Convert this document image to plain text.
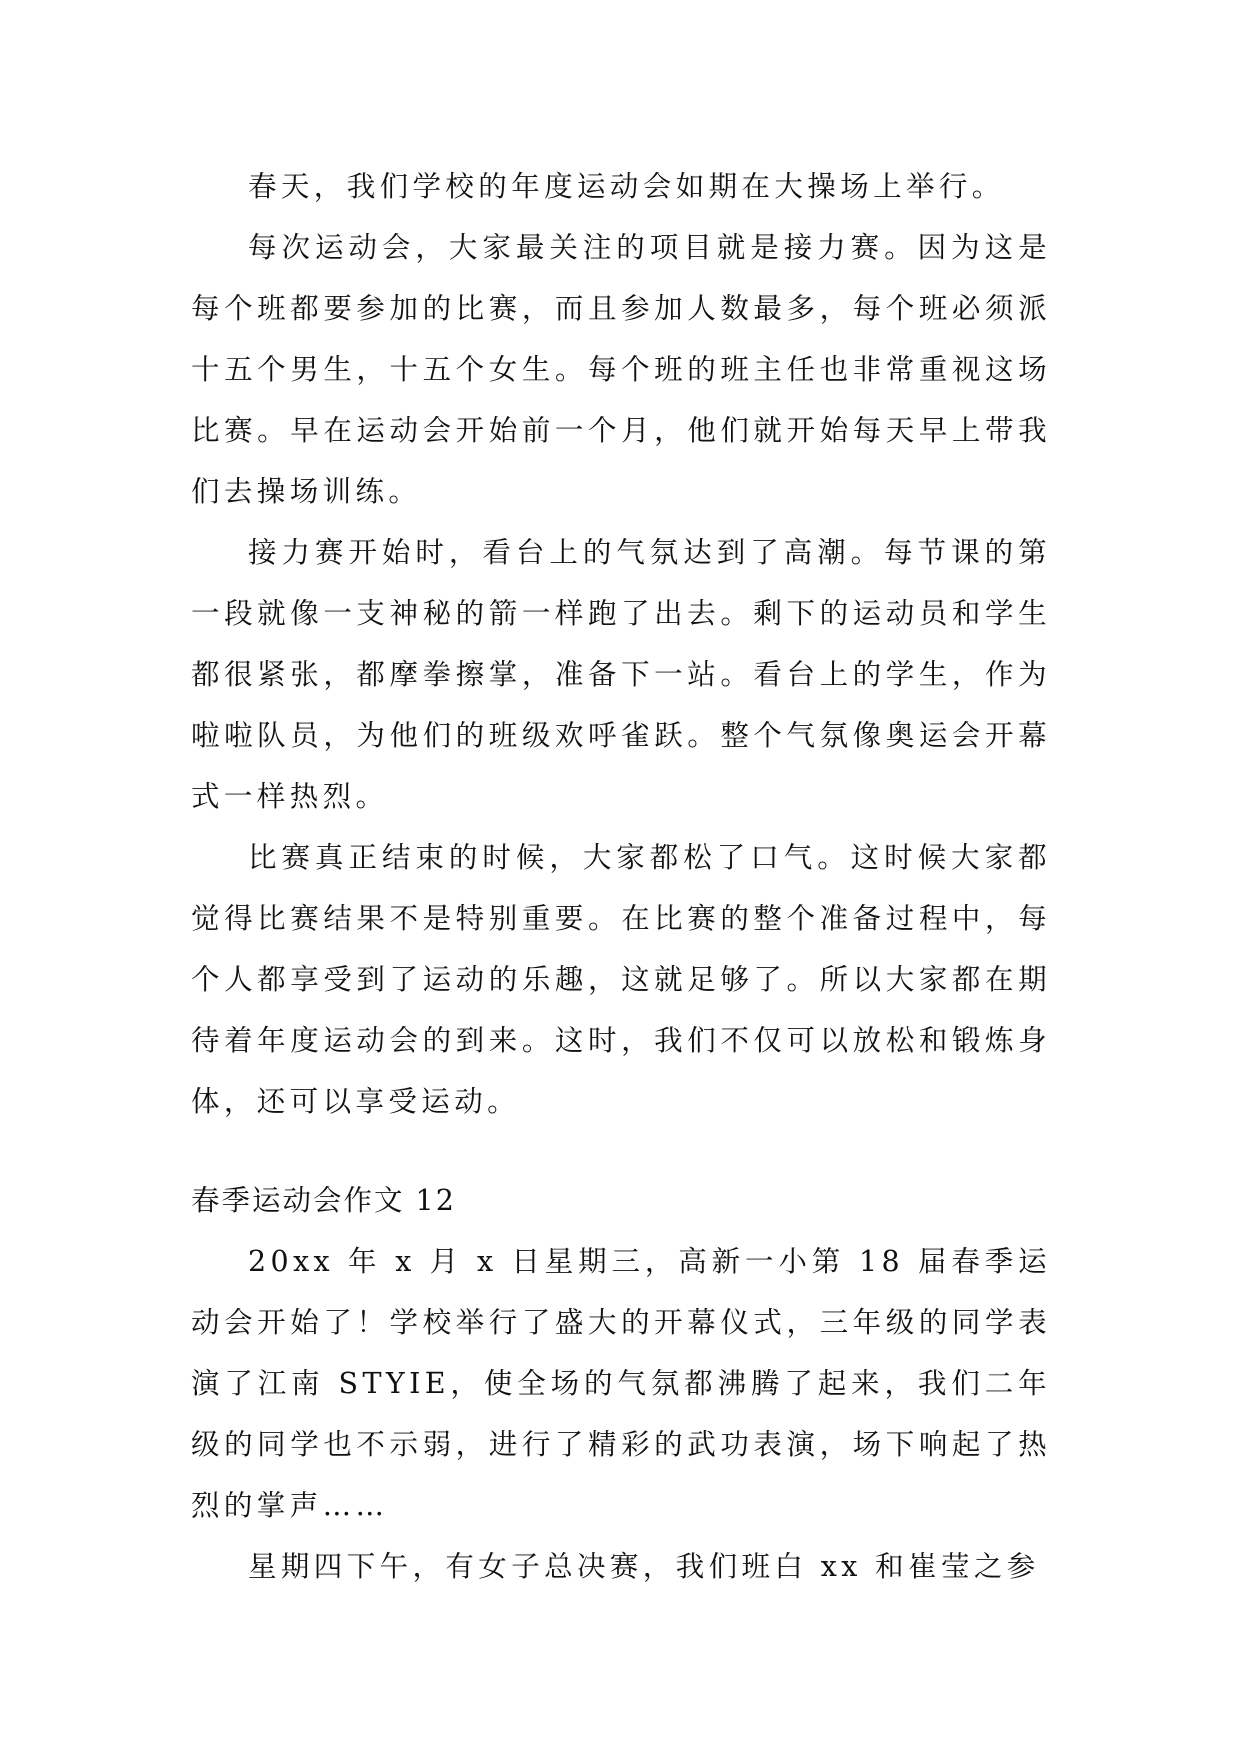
春天，我们学校的年度运动会如期在大操场上举行。

每次运动会，大家最关注的项目就是接力赛。因为这是每个班都要参加的比赛，而且参加人数最多，每个班必须派十五个男生，十五个女生。每个班的班主任也非常重视这场比赛。早在运动会开始前一个月，他们就开始每天早上带我们去操场训练。

接力赛开始时，看台上的气氛达到了高潮。每节课的第一段就像一支神秘的箭一样跑了出去。剩下的运动员和学生都很紧张，都摩拳擦掌，准备下一站。看台上的学生，作为啦啦队员，为他们的班级欢呼雀跃。整个气氛像奥运会开幕式一样热烈。

比赛真正结束的时候，大家都松了口气。这时候大家都觉得比赛结果不是特别重要。在比赛的整个准备过程中，每个人都享受到了运动的乐趣，这就足够了。所以大家都在期待着年度运动会的到来。这时，我们不仅可以放松和锻炼身体，还可以享受运动。

春季运动会作文 12

20xx 年 x 月 x 日星期三，高新一小第 18 届春季运动会开始了！学校举行了盛大的开幕仪式，三年级的同学表演了江南 STYIE，使全场的气氛都沸腾了起来，我们二年级的同学也不示弱，进行了精彩的武功表演，场下响起了热烈的掌声……

星期四下午，有女子总决赛，我们班白 xx 和崔莹之参
